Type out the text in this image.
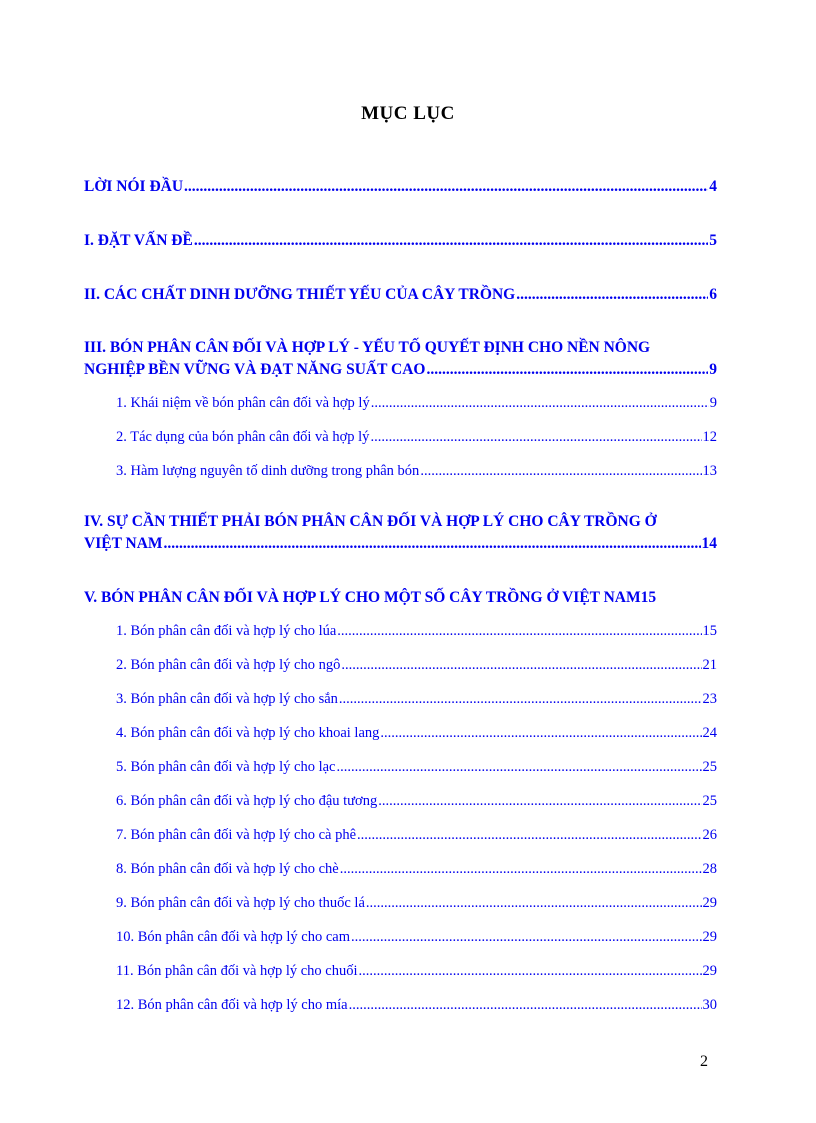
MỤC LỤC
LỜI NÓI ĐẦU .....	4
I. ĐẶT VẤN ĐỀ .....	5
II. CÁC CHẤT DINH DƯỠNG THIẾT YẾU CỦA CÂY TRỒNG .....	6
III. BÓN PHÂN CÂN ĐỐI VÀ HỢP LÝ - YẾU TỐ QUYẾT ĐỊNH CHO NỀN NÔNG
NGHIỆP BỀN VỮNG VÀ ĐẠT NĂNG SUẤT CAO .....	9
1. Khái niệm về bón phân cân đối và hợp lý .....	9
2. Tác dụng của bón phân cân đối và hợp lý .....	12
3. Hàm lượng nguyên tố dinh dưỡng trong phân bón .....	13
IV. SỰ CẦN THIẾT PHẢI BÓN PHÂN CÂN ĐỐI VÀ HỢP LÝ CHO CÂY TRỒNG Ở
VIỆT NAM .....	14
V. BÓN PHÂN CÂN ĐỐI VÀ HỢP LÝ CHO MỘT SỐ CÂY TRỒNG Ở VIỆT NAM 15
1. Bón phân cân đối và hợp lý cho lúa .....	15
2. Bón phân cân đối và hợp lý cho ngô .....	21
3. Bón phân cân đối và hợp lý cho sắn .....	23
4. Bón phân cân đối và hợp lý cho khoai lang .....	24
5. Bón phân cân đối và hợp lý cho lạc .....	25
6. Bón phân cân đối và hợp lý cho đậu tương .....	25
7. Bón phân cân đối và hợp lý cho cà phê .....	26
8. Bón phân cân đối và hợp lý cho chè .....	28
9. Bón phân cân đối và hợp lý cho thuốc lá .....	29
10. Bón phân cân đối và hợp lý cho cam .....	29
11. Bón phân cân đối và hợp lý cho chuối .....	29
12. Bón phân cân đối và hợp lý cho mía .....	30
2
